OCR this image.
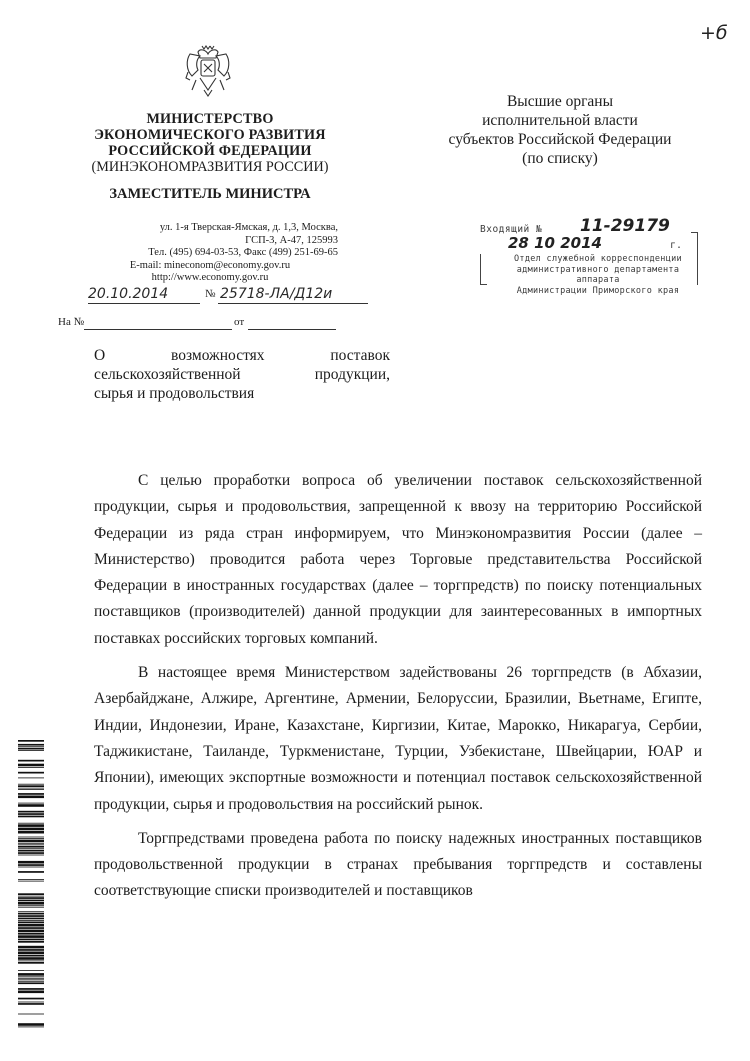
+б
МИНИСТЕРСТВО
ЭКОНОМИЧЕСКОГО РАЗВИТИЯ
РОССИЙСКОЙ ФЕДЕРАЦИИ
(МИНЭКОНОМРАЗВИТИЯ РОССИИ)
ЗАМЕСТИТЕЛЬ МИНИСТРА
ул. 1-я Тверская-Ямская, д. 1,3, Москва,
ГСП-3, А-47, 125993
Тел. (495) 694-03-53, Факс (499) 251-69-65
E-mail: mineconom@economy.gov.ru
http://www.economy.gov.ru
20.10.2014	№ 25718-ЛА/Д12и
На №	от
О возможностях поставок
сельскохозяйственной продукции,
сырья и продовольствия
Высшие органы
исполнительной власти
субъектов Российской Федерации
(по списку)
Входящий № 11-29179
28 10 2014	г.
Отдел служебной корреспонденции
административного департамента аппарата
Администрации Приморского края

С целью проработки вопроса об увеличении поставок сельскохозяйственной продукции, сырья и продовольствия, запрещенной к ввозу на территорию Российской Федерации из ряда стран информируем, что Минэкономразвития России (далее – Министерство) проводится работа через Торговые представительства Российской Федерации в иностранных государствах (далее – торгпредств) по поиску потенциальных поставщиков (производителей) данной продукции для заинтересованных в импортных поставках российских торговых компаний.

В настоящее время Министерством задействованы 26 торгпредств (в Абхазии, Азербайджане, Алжире, Аргентине, Армении, Белоруссии, Бразилии, Вьетнаме, Египте, Индии, Индонезии, Иране, Казахстане, Киргизии, Китае, Марокко, Никарагуа, Сербии, Таджикистане, Таиланде, Туркменистане, Турции, Узбекистане, Швейцарии, ЮАР и Японии), имеющих экспортные возможности и потенциал поставок сельскохозяйственной продукции, сырья и продовольствия на российский рынок.

Торгпредствами проведена работа по поиску надежных иностранных поставщиков продовольственной продукции в странах пребывания торгпредств и составлены соответствующие списки производителей и поставщиков
